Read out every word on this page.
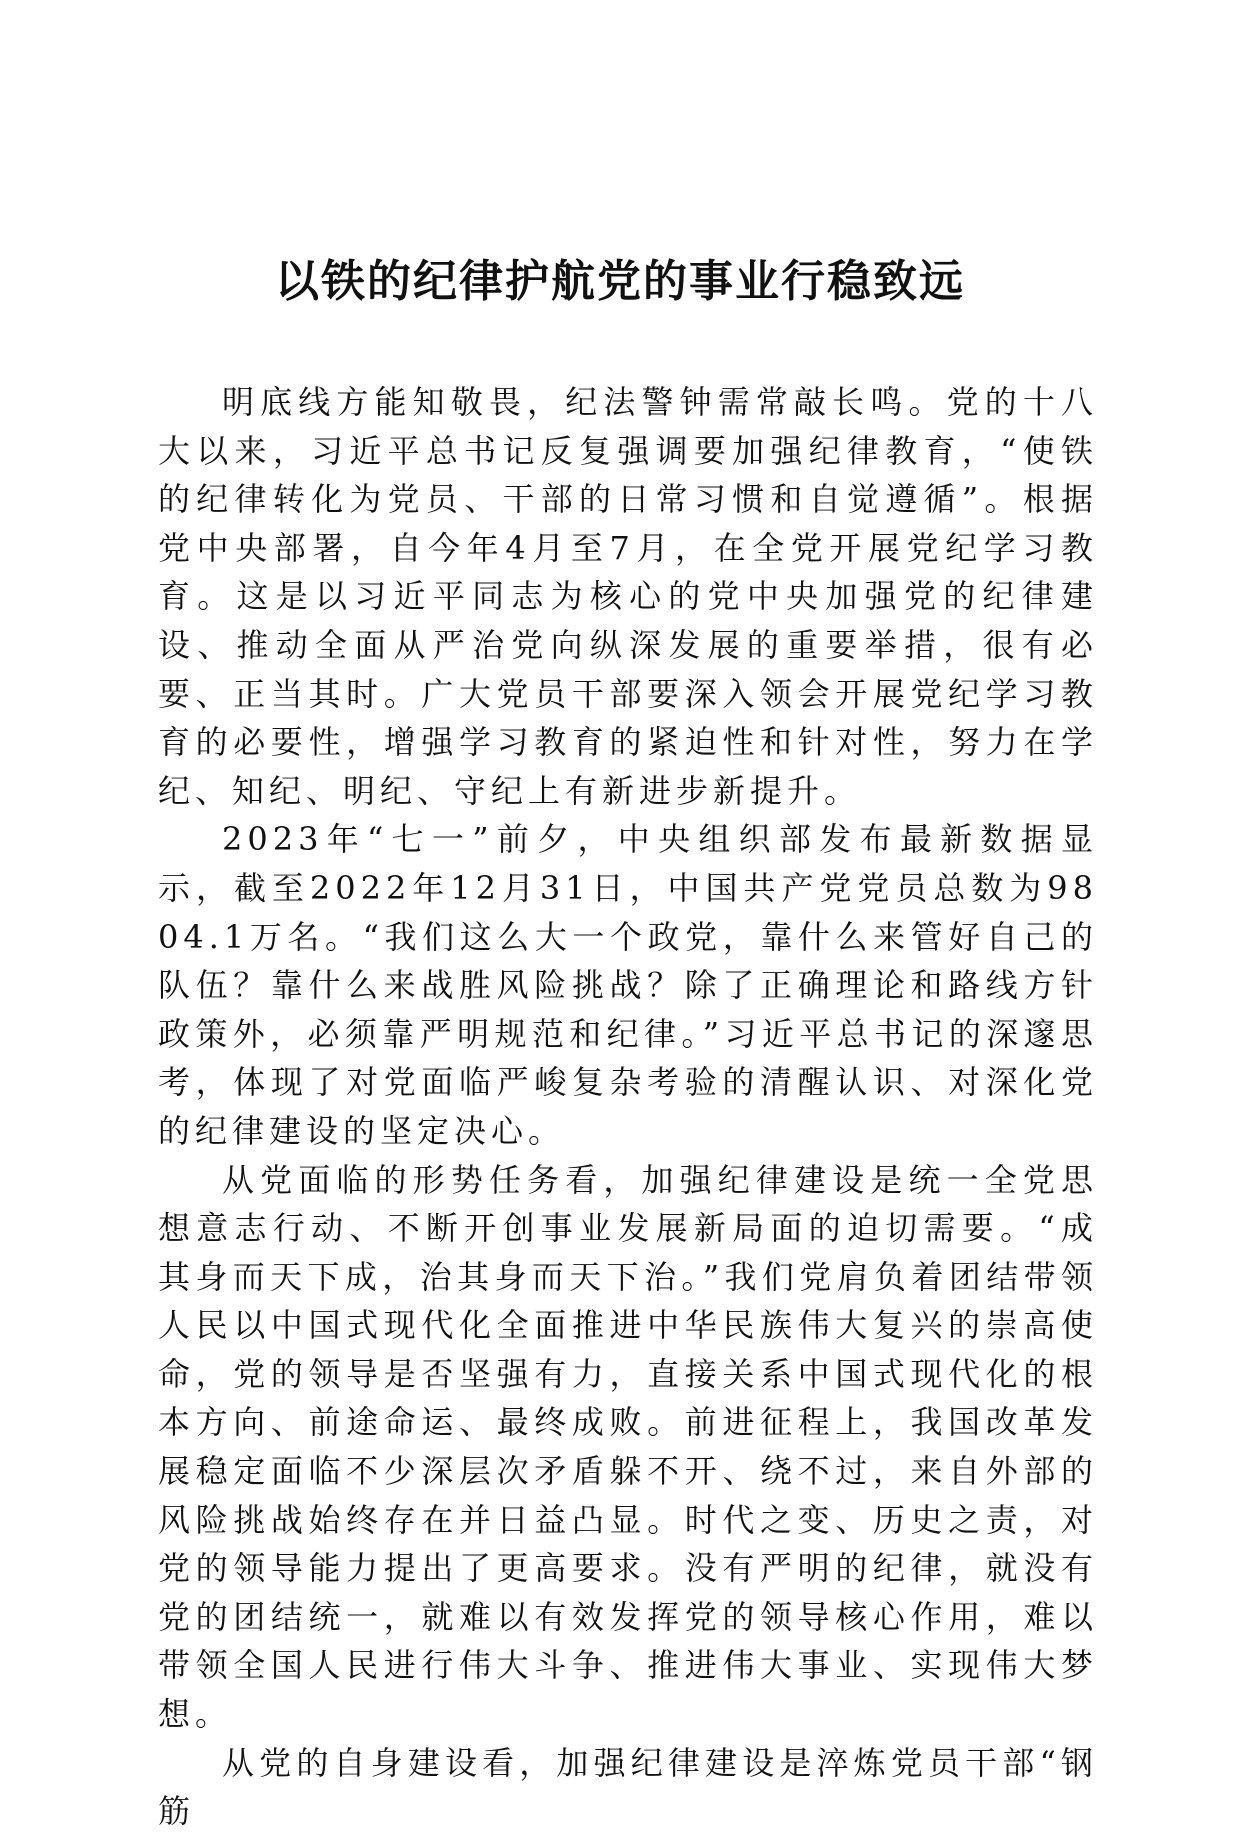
以铁的纪律护航党的事业行稳致远

明底线方能知敬畏，纪法警钟需常敲长鸣。党的十八大以来，习近平总书记反复强调要加强纪律教育，“使铁的纪律转化为党员、干部的日常习惯和自觉遵循”。根据党中央部署，自今年4月至7月，在全党开展党纪学习教育。这是以习近平同志为核心的党中央加强党的纪律建设、推动全面从严治党向纵深发展的重要举措，很有必要、正当其时。广大党员干部要深入领会开展党纪学习教育的必要性，增强学习教育的紧迫性和针对性，努力在学纪、知纪、明纪、守纪上有新进步新提升。

2023年“七一”前夕，中央组织部发布最新数据显示，截至2022年12月31日，中国共产党党员总数为9804.1万名。“我们这么大一个政党，靠什么来管好自己的队伍？靠什么来战胜风险挑战？除了正确理论和路线方针政策外，必须靠严明规范和纪律。”习近平总书记的深邃思考，体现了对党面临严峻复杂考验的清醒认识、对深化党的纪律建设的坚定决心。

从党面临的形势任务看，加强纪律建设是统一全党思想意志行动、不断开创事业发展新局面的迫切需要。“成其身而天下成，治其身而天下治。”我们党肩负着团结带领人民以中国式现代化全面推进中华民族伟大复兴的崇高使命，党的领导是否坚强有力，直接关系中国式现代化的根本方向、前途命运、最终成败。前进征程上，我国改革发展稳定面临不少深层次矛盾躲不开、绕不过，来自外部的风险挑战始终存在并日益凸显。时代之变、历史之责，对党的领导能力提出了更高要求。没有严明的纪律，就没有党的团结统一，就难以有效发挥党的领导核心作用，难以带领全国人民进行伟大斗争、推进伟大事业、实现伟大梦想。

从党的自身建设看，加强纪律建设是淬炼党员干部“钢筋
